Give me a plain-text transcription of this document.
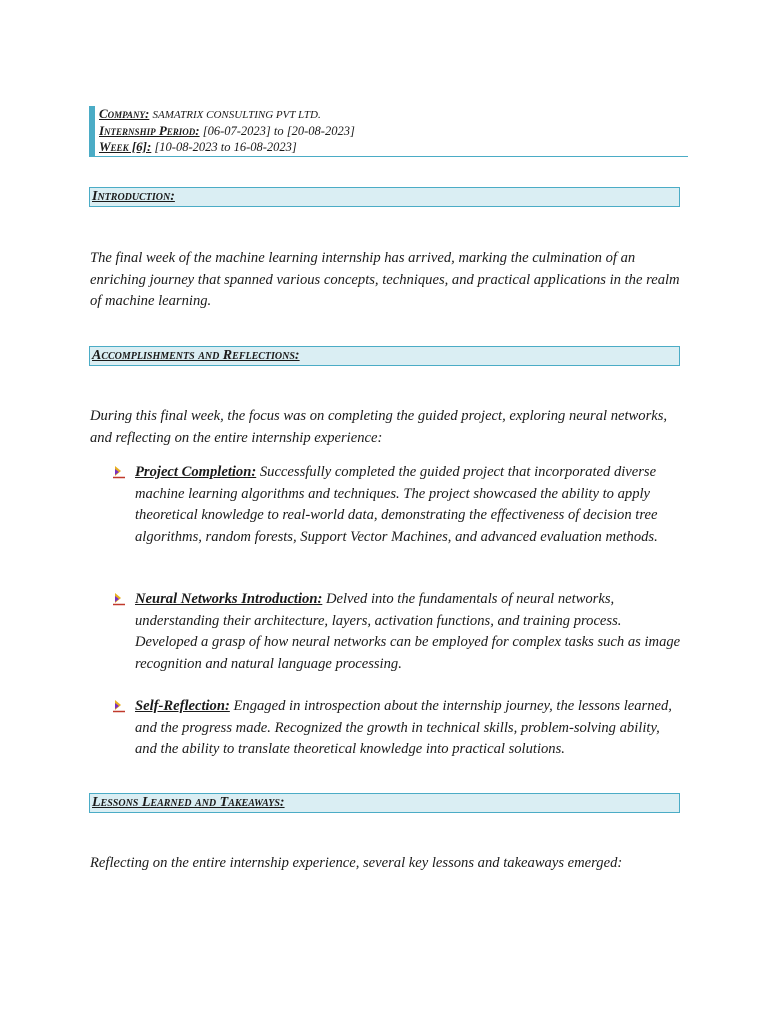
Company: SAMATRIX CONSULTING PVT LTD.
Internship Period: [06-07-2023] to [20-08-2023]
Week [6]: [10-08-2023 to 16-08-2023]
Introduction:
The final week of the machine learning internship has arrived, marking the culmination of an enriching journey that spanned various concepts, techniques, and practical applications in the realm of machine learning.
Accomplishments and Reflections:
During this final week, the focus was on completing the guided project, exploring neural networks, and reflecting on the entire internship experience:
Project Completion: Successfully completed the guided project that incorporated diverse machine learning algorithms and techniques. The project showcased the ability to apply theoretical knowledge to real-world data, demonstrating the effectiveness of decision tree algorithms, random forests, Support Vector Machines, and advanced evaluation methods.
Neural Networks Introduction: Delved into the fundamentals of neural networks, understanding their architecture, layers, activation functions, and training process. Developed a grasp of how neural networks can be employed for complex tasks such as image recognition and natural language processing.
Self-Reflection: Engaged in introspection about the internship journey, the lessons learned, and the progress made. Recognized the growth in technical skills, problem-solving ability, and the ability to translate theoretical knowledge into practical solutions.
Lessons Learned and Takeaways:
Reflecting on the entire internship experience, several key lessons and takeaways emerged:
